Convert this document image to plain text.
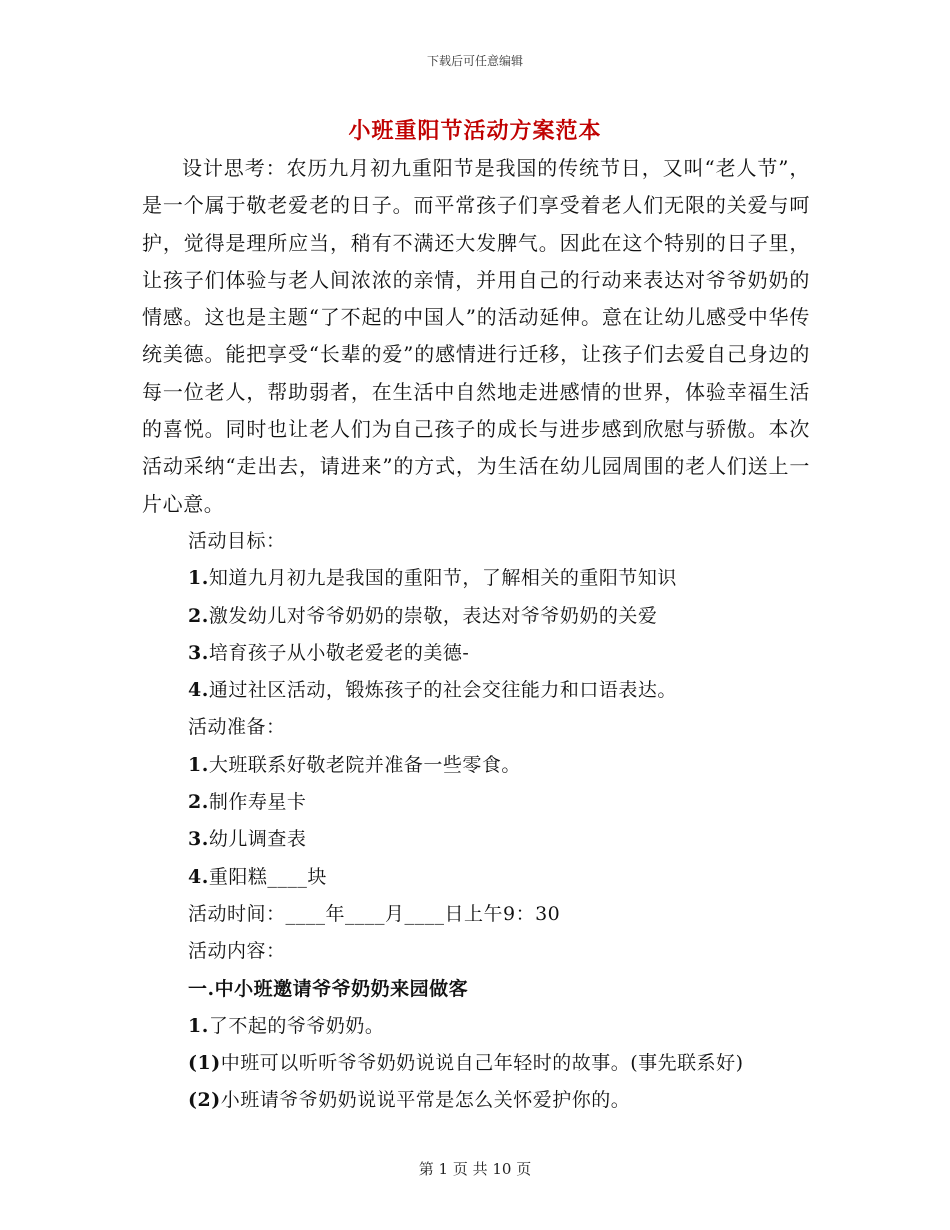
下载后可任意编辑
小班重阳节活动方案范本

设计思考：农历九月初九重阳节是我国的传统节日，又叫“老人节”，是一个属于敬老爱老的日子。而平常孩子们享受着老人们无限的关爱与呵护，觉得是理所应当，稍有不满还大发脾气。因此在这个特别的日子里，让孩子们体验与老人间浓浓的亲情，并用自己的行动来表达对爷爷奶奶的情感。这也是主题“了不起的中国人”的活动延伸。意在让幼儿感受中华传统美德。能把享受“长辈的爱”的感情进行迁移，让孩子们去爱自己身边的每一位老人，帮助弱者，在生活中自然地走进感情的世界，体验幸福生活的喜悦。同时也让老人们为自己孩子的成长与进步感到欣慰与骄傲。本次活动采纳“走出去，请进来”的方式，为生活在幼儿园周围的老人们送上一片心意。

活动目标：

1.知道九月初九是我国的重阳节，了解相关的重阳节知识

2.激发幼儿对爷爷奶奶的崇敬，表达对爷爷奶奶的关爱

3.培育孩子从小敬老爱老的美德-

4.通过社区活动，锻炼孩子的社会交往能力和口语表达。

活动准备：

1.大班联系好敬老院并准备一些零食。

2.制作寿星卡

3.幼儿调查表

4.重阳糕____块

活动时间：____年____月____日上午9：30

活动内容：

一.中小班邀请爷爷奶奶来园做客

1.了不起的爷爷奶奶。

(1)中班可以听听爷爷奶奶说说自己年轻时的故事。(事先联系好)

(2)小班请爷爷奶奶说说平常是怎么关怀爱护你的。

第 1 页 共 10 页
